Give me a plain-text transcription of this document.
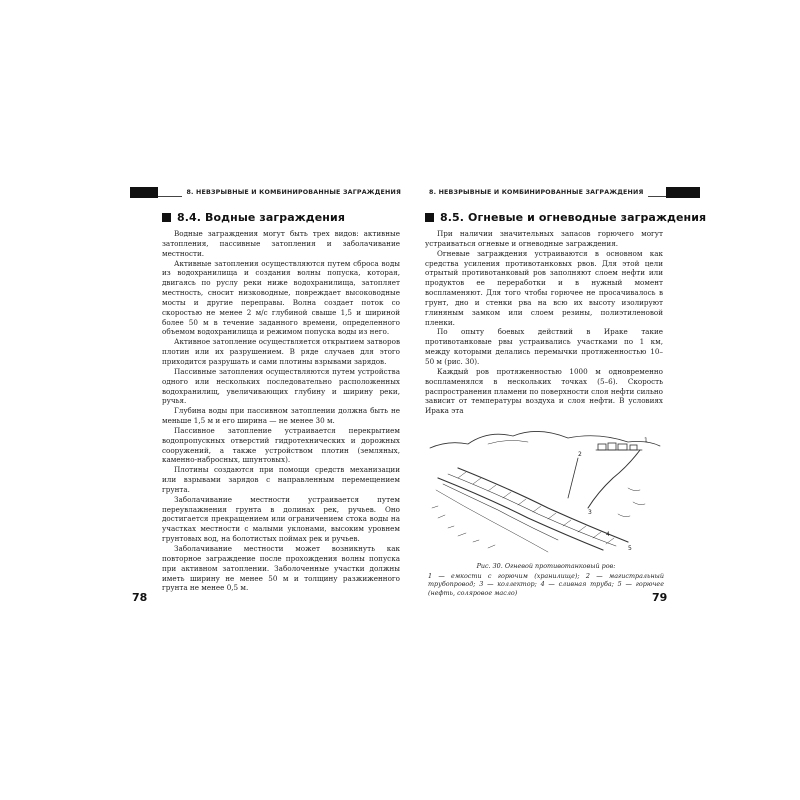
8. НЕВЗРЫВНЫЕ И КОМБИНИРОВАННЫЕ ЗАГРАЖДЕНИЯ
8.4. Водные заграждения

Водные заграждения могут быть трех видов: активные затопления, пассивные затопления и заболачивание местности.

Активные затопления осуществляются путем сброса воды из водохранилища и создания волны попуска, которая, двигаясь по руслу реки ниже водохранилища, затопляет местность, сносит низководные, повреждает высоководные мосты и другие переправы. Волна создает поток со скоростью не менее 2 м/с глубиной свыше 1,5 и шириной более 50 м в течение заданного времени, определенного объемом водохранилища и режимом попуска воды из него.

Активное затопление осуществляется открытием затворов плотин или их разрушением. В ряде случаев для этого приходится разрушать и сами плотины взрывами зарядов.

Пассивные затопления осуществляются путем устройства одного или нескольких последовательно расположенных водохранилищ, увеличивающих глубину и ширину реки, ручья.

Глубина воды при пассивном затоплении должна быть не меньше 1,5 м и его ширина — не менее 30 м.

Пассивное затопление устраивается перекрытием водопропускных отверстий гидротехнических и дорожных сооружений, а также устройством плотин (земляных, каменно-набросных, шпунтовых).

Плотины создаются при помощи средств механизации или взрывами зарядов с направленным перемещением грунта.

Заболачивание местности устраивается путем переувлажнения грунта в долинах рек, ручьев. Оно достигается прекращением или ограничением стока воды на участках местности с малыми уклонами, высоким уровнем грунтовых вод, на болотистых поймах рек и ручьев.

Заболачивание местности может возникнуть как повторное заграждение после прохождения волны попуска при активном затоплении. Заболоченные участки должны иметь ширину не менее 50 м и толщину разжиженного грунта не менее 0,5 м.

78
8. НЕВЗРЫВНЫЕ И КОМБИНИРОВАННЫЕ ЗАГРАЖДЕНИЯ
8.5. Огневые и огневодные заграждения

При наличии значительных запасов горючего могут устраиваться огневые и огневодные заграждения.

Огневые заграждения устраиваются в основном как средства усиления противотанковых рвов. Для этой цели отрытый противотанковый ров заполняют слоем нефти или продуктов ее переработки и в нужный момент воспламеняют. Для того чтобы горючее не просачивалось в грунт, дно и стенки рва на всю их высоту изолируют глиняным замком или слоем резины, полиэтиленовой пленки.

По опыту боевых действий в Ираке такие противотанковые рвы устраивались участками по 1 км, между которыми делались перемычки протяженностью 10–50 м (рис. 30).

Каждый ров протяженностью 1000 м одновременно воспламенялся в нескольких точках (5–6). Скорость распространения пламени по поверхности слоя нефти сильно зависит от температуры воздуха и слоя нефти. В условиях Ирака эта

1
2
3
4
5
Рис. 30. Огневой противотанковый ров:
1 — емкости с горючим (хранилище); 2 — магистральный трубопровод; 3 — коллектор; 4 — сливная труба; 5 — горючее (нефть, соляровое масло)	79
